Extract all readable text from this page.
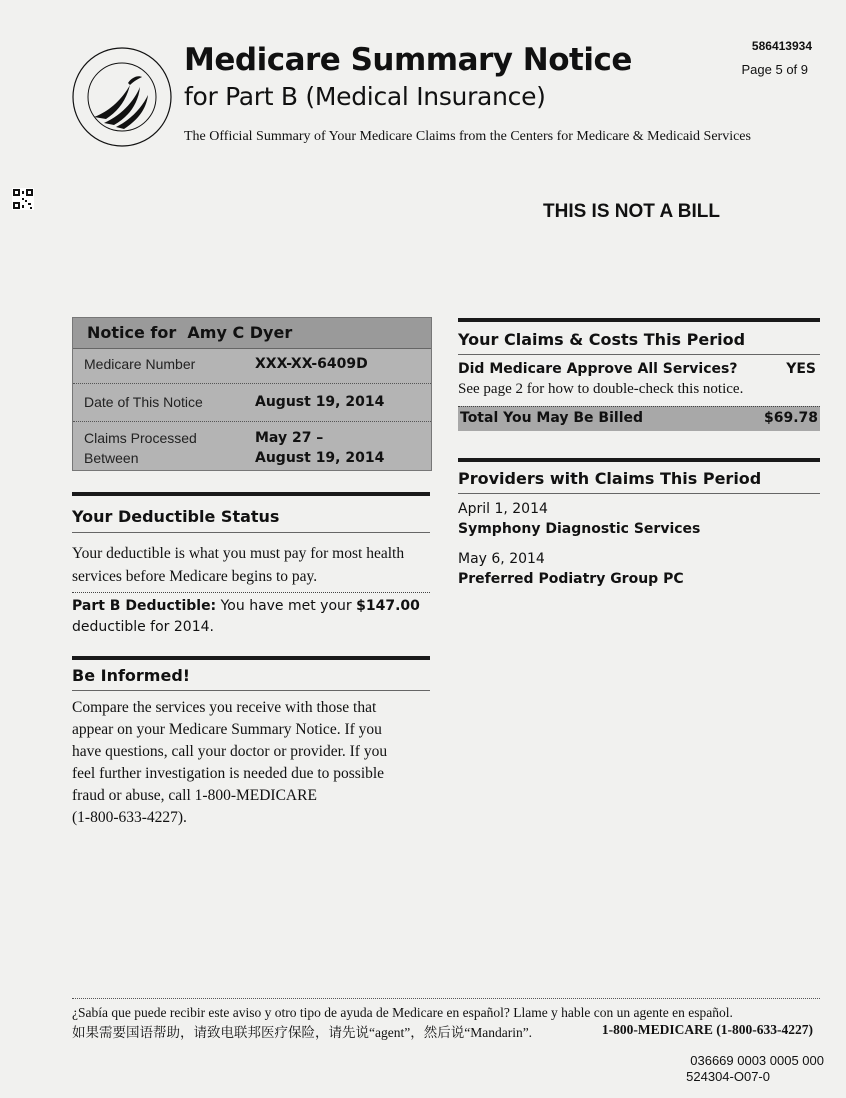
Medicare Summary Notice
for Part B (Medical Insurance)
The Official Summary of Your Medicare Claims from the Centers for Medicare & Medicaid Services
586413934
Page 5 of 9
THIS IS NOT A BILL
Notice for Amy C Dyer
Medicare Number	XXX-XX-6409D
Date of This Notice	August 19, 2014
Claims Processed	May 27 –
Between	August 19, 2014
Your Deductible Status
Your deductible is what you must pay for most health
services before Medicare begins to pay.
Part B Deductible: You have met your $147.00
deductible for 2014.
Be Informed!
Compare the services you receive with those that
appear on your Medicare Summary Notice. If you
have questions, call your doctor or provider. If you
feel further investigation is needed due to possible
fraud or abuse, call 1-800-MEDICARE
(1-800-633-4227).
Your Claims & Costs This Period
Did Medicare Approve All Services?	YES
See page 2 for how to double-check this notice.
Total You May Be Billed	$69.78
Providers with Claims This Period
April 1, 2014
Symphony Diagnostic Services
May 6, 2014
Preferred Podiatry Group PC
¿Sabía que puede recibir este aviso y otro tipo de ayuda de Medicare en español? Llame y hable con un agente en español.
如果需要国语帮助，请致电联邦医疗保险，请先说“agent”，然后说“Mandarin”.	1-800-MEDICARE (1-800-633-4227)
036669 0003 0005 000
524304-O07-0
